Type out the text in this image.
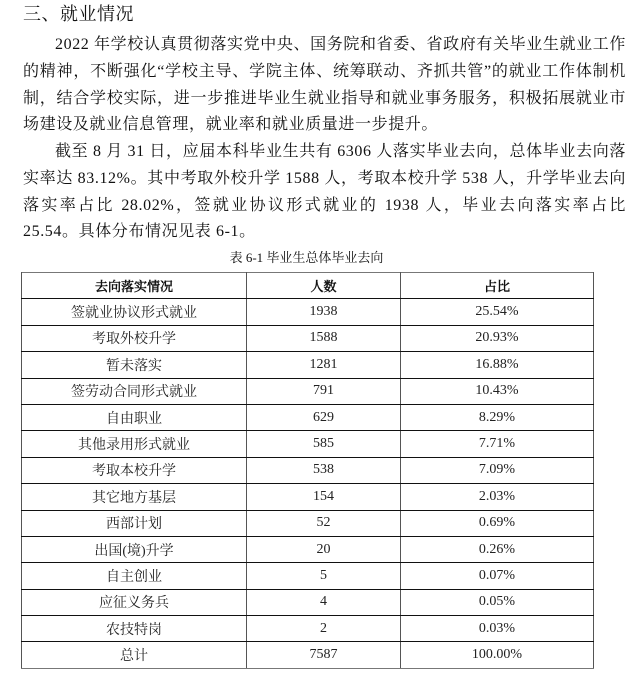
三、就业情况

2022 年学校认真贯彻落实党中央、国务院和省委、省政府有关毕业生就业工作的精神，不断强化“学校主导、学院主体、统筹联动、齐抓共管”的就业工作体制机制，结合学校实际，进一步推进毕业生就业指导和就业事务服务，积极拓展就业市场建设及就业信息管理，就业率和就业质量进一步提升。

截至 8 月 31 日，应届本科毕业生共有 6306 人落实毕业去向，总体毕业去向落实率达 83.12%。其中考取外校升学 1588 人，考取本校升学 538 人，升学毕业去向落实率占比 28.02%，签就业协议形式就业的 1938 人，毕业去向落实率占比 25.54。具体分布情况见表 6-1。

表 6-1 毕业生总体毕业去向

去向落实情况	人数	占比
签就业协议形式就业	1938	25.54%
考取外校升学	1588	20.93%
暂未落实	1281	16.88%
签劳动合同形式就业	791	10.43%
自由职业	629	8.29%
其他录用形式就业	585	7.71%
考取本校升学	538	7.09%
其它地方基层	154	2.03%
西部计划	52	0.69%
出国(境)升学	20	0.26%
自主创业	5	0.07%
应征义务兵	4	0.05%
农技特岗	2	0.03%
总计	7587	100.00%
